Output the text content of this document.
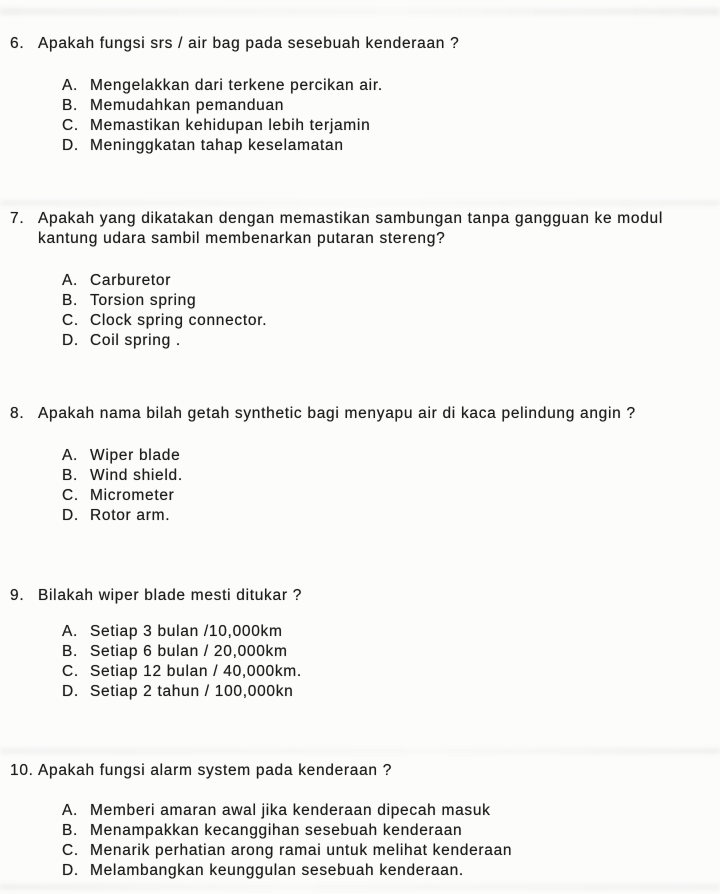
6. Apakah fungsi srs / air bag pada sesebuah kenderaan ?
A. Mengelakkan dari terkene percikan air.
B. Memudahkan pemanduan
C. Memastikan kehidupan lebih terjamin
D. Meninggkatan tahap keselamatan
7. Apakah yang dikatakan dengan memastikan sambungan tanpa gangguan ke modul
kantung udara sambil membenarkan putaran stereng?
A. Carburetor
B. Torsion spring
C. Clock spring connector.
D. Coil spring .
8. Apakah nama bilah getah synthetic bagi menyapu air di kaca pelindung angin ?
A. Wiper blade
B. Wind shield.
C. Micrometer
D. Rotor arm.
9. Bilakah wiper blade mesti ditukar ?
A. Setiap 3 bulan /10,000km
B. Setiap 6 bulan / 20,000km
C. Setiap 12 bulan / 40,000km.
D. Setiap 2 tahun / 100,000kn
10. Apakah fungsi alarm system pada kenderaan ?
A. Memberi amaran awal jika kenderaan dipecah masuk
B. Menampakkan kecanggihan sesebuah kenderaan
C. Menarik perhatian arong ramai untuk melihat kenderaan
D. Melambangkan keunggulan sesebuah kenderaan.
